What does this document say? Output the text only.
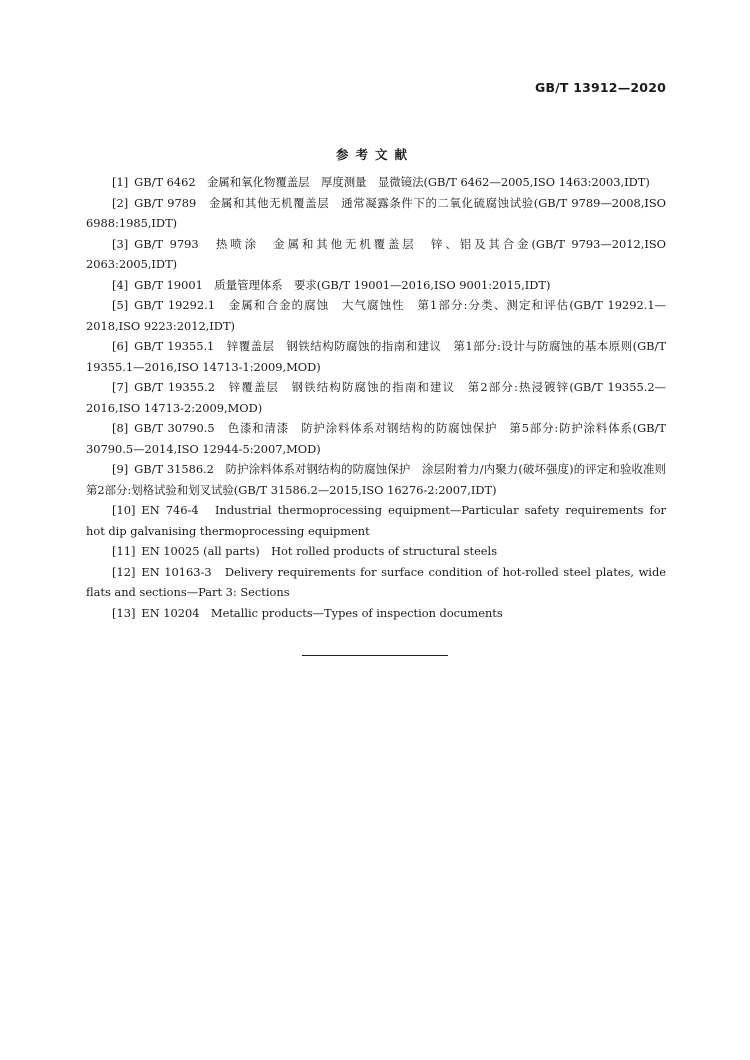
GB/T 13912—2020
参考文献
[1] GB/T 6462　金属和氧化物覆盖层　厚度测量　显微镜法(GB/T 6462—2005,ISO 1463:2003,IDT)
[2] GB/T 9789　金属和其他无机覆盖层　通常凝露条件下的二氧化硫腐蚀试验(GB/T 9789—2008,ISO 6988:1985,IDT)
[3] GB/T 9793　热喷涂　金属和其他无机覆盖层　锌、铝及其合金(GB/T 9793—2012,ISO 2063:2005,IDT)
[4] GB/T 19001　质量管理体系　要求(GB/T 19001—2016,ISO 9001:2015,IDT)
[5] GB/T 19292.1　金属和合金的腐蚀　大气腐蚀性　第1部分:分类、测定和评估(GB/T 19292.1—2018,ISO 9223:2012,IDT)
[6] GB/T 19355.1　锌覆盖层　钢铁结构防腐蚀的指南和建议　第1部分:设计与防腐蚀的基本原则(GB/T 19355.1—2016,ISO 14713-1:2009,MOD)
[7] GB/T 19355.2　锌覆盖层　钢铁结构防腐蚀的指南和建议　第2部分:热浸镀锌(GB/T 19355.2—2016,ISO 14713-2:2009,MOD)
[8] GB/T 30790.5　色漆和清漆　防护涂料体系对钢结构的防腐蚀保护　第5部分:防护涂料体系(GB/T 30790.5—2014,ISO 12944-5:2007,MOD)
[9] GB/T 31586.2　防护涂料体系对钢结构的防腐蚀保护　涂层附着力/内聚力(破坏强度)的评定和验收准则　第2部分:划格试验和划叉试验(GB/T 31586.2—2015,ISO 16276-2:2007,IDT)
[10] EN 746-4　Industrial thermoprocessing equipment—Particular safety requirements for hot dip galvanising thermoprocessing equipment
[11] EN 10025 (all parts)　Hot rolled products of structural steels
[12] EN 10163-3　Delivery requirements for surface condition of hot-rolled steel plates, wide flats and sections—Part 3: Sections
[13] EN 10204　Metallic products—Types of inspection documents
